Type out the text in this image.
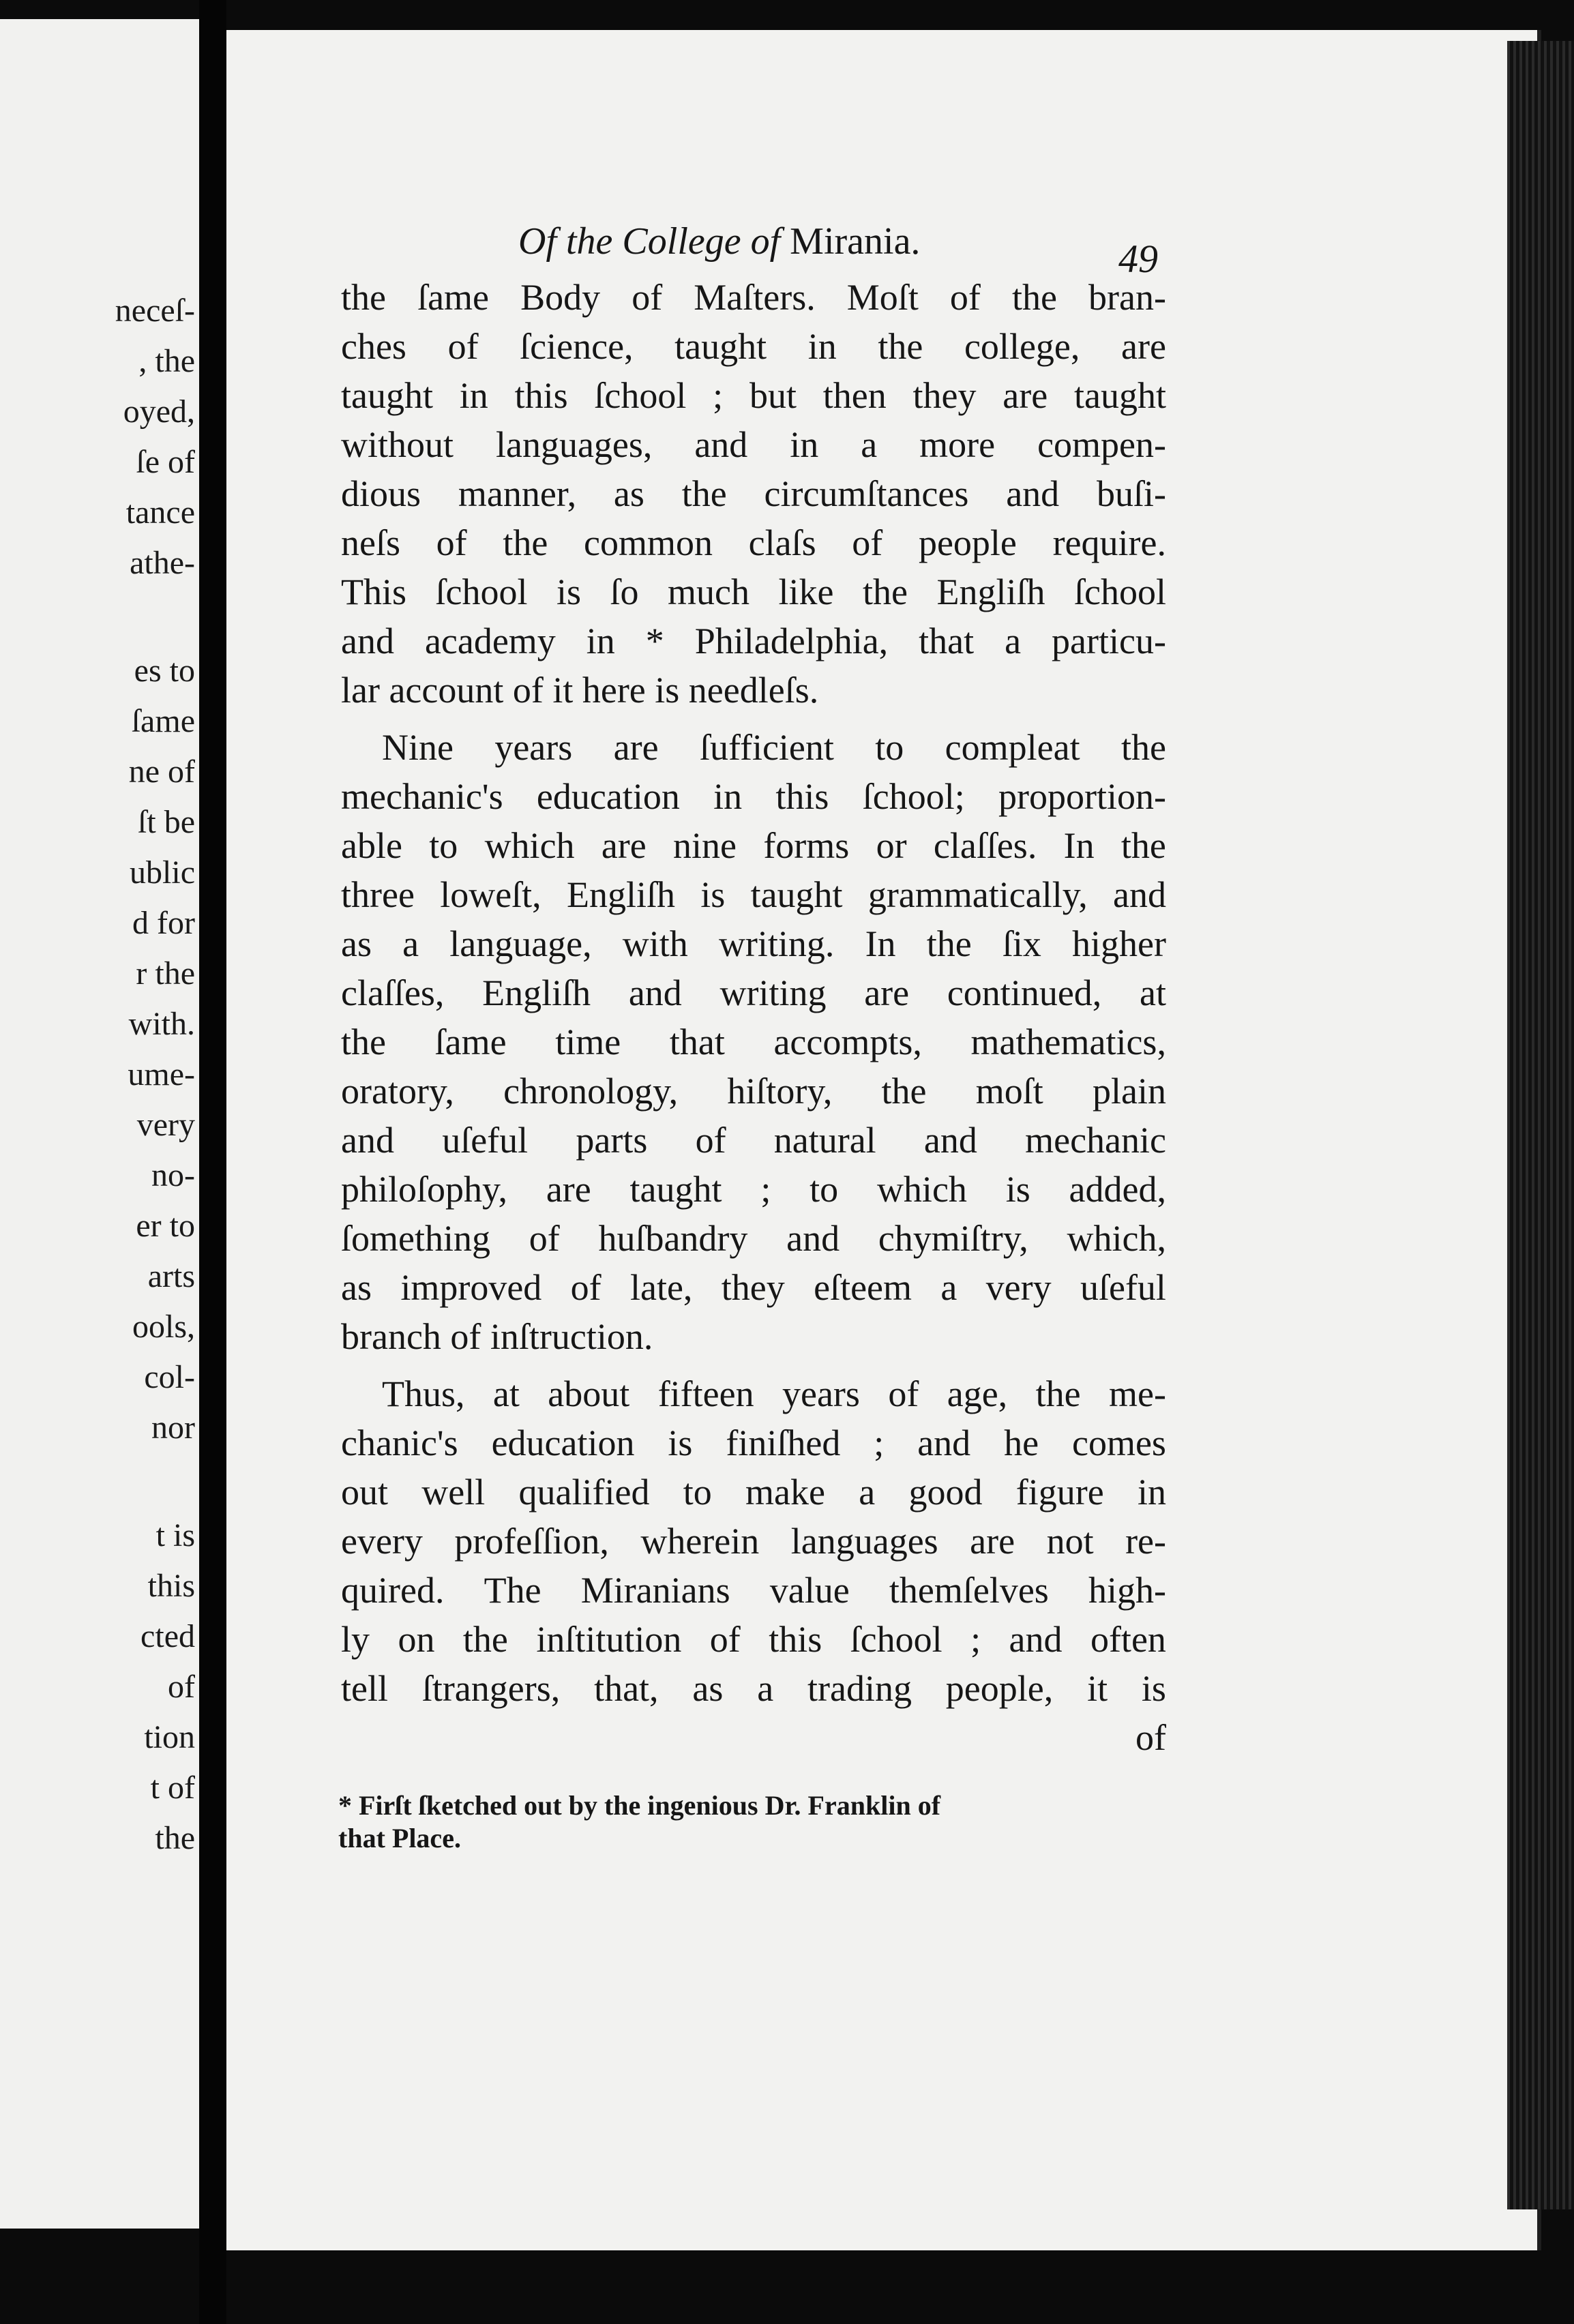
neceſ-
, the
oyed,
ſe of
tance
athe-
es to
ſame
ne of
ſt be
ublic
d for
r the
with.
ume-
very
no-
er to
arts
ools,
col-
nor
t is
this
cted
of
tion
t of
the
Of the College of Mirania.	49
the ſame Body of Maſters. Moſt of the bran-
ches of ſcience, taught in the college, are
taught in this ſchool ; but then they are taught
without languages, and in a more compen-
dious manner, as the circumſtances and buſi-
neſs of the common claſs of people require.
This ſchool is ſo much like the Engliſh ſchool
and academy in * Philadelphia, that a particu-
lar account of it here is needleſs.
Nine years are ſufficient to compleat the
mechanic's education in this ſchool; proportion-
able to which are nine forms or claſſes. In the
three loweſt, Engliſh is taught grammatically, and
as a language, with writing. In the ſix higher
claſſes, Engliſh and writing are continued, at
the ſame time that accompts, mathematics,
oratory, chronology, hiſtory, the moſt plain
and uſeful parts of natural and mechanic
philoſophy, are taught ; to which is added,
ſomething of huſbandry and chymiſtry, which,
as improved of late, they eſteem a very uſeful
branch of inſtruction.
Thus, at about fifteen years of age, the me-
chanic's education is finiſhed ; and he comes
out well qualified to make a good figure in
every profeſſion, wherein languages are not re-
quired. The Miranians value themſelves high-
ly on the inſtitution of this ſchool ; and often
tell ſtrangers, that, as a trading people, it is
of
* Firſt ſketched out by the ingenious Dr. Franklin of
that Place.
